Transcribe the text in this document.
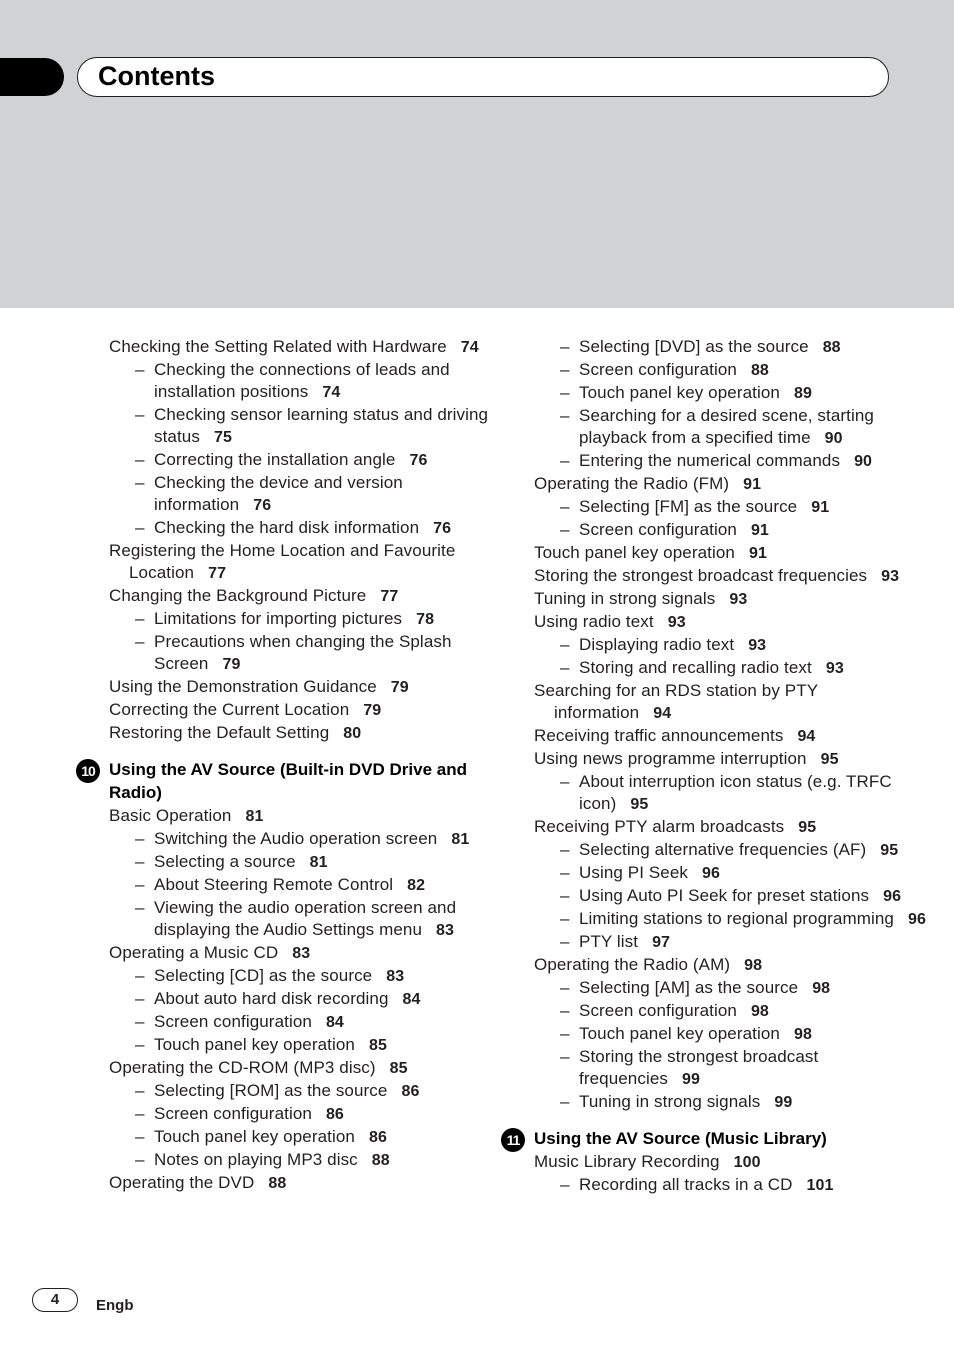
Contents
Checking the Setting Related with Hardware 74
– Checking the connections of leads and installation positions 74
– Checking sensor learning status and driving status 75
– Correcting the installation angle 76
– Checking the device and version information 76
– Checking the hard disk information 76
Registering the Home Location and Favourite Location 77
Changing the Background Picture 77
– Limitations for importing pictures 78
– Precautions when changing the Splash Screen 79
Using the Demonstration Guidance 79
Correcting the Current Location 79
Restoring the Default Setting 80
10 Using the AV Source (Built-in DVD Drive and Radio)
Basic Operation 81
– Switching the Audio operation screen 81
– Selecting a source 81
– About Steering Remote Control 82
– Viewing the audio operation screen and displaying the Audio Settings menu 83
Operating a Music CD 83
– Selecting [CD] as the source 83
– About auto hard disk recording 84
– Screen configuration 84
– Touch panel key operation 85
Operating the CD-ROM (MP3 disc) 85
– Selecting [ROM] as the source 86
– Screen configuration 86
– Touch panel key operation 86
– Notes on playing MP3 disc 88
Operating the DVD 88
– Selecting [DVD] as the source 88
– Screen configuration 88
– Touch panel key operation 89
– Searching for a desired scene, starting playback from a specified time 90
– Entering the numerical commands 90
Operating the Radio (FM) 91
– Selecting [FM] as the source 91
– Screen configuration 91
Touch panel key operation 91
Storing the strongest broadcast frequencies 93
Tuning in strong signals 93
Using radio text 93
– Displaying radio text 93
– Storing and recalling radio text 93
Searching for an RDS station by PTY information 94
Receiving traffic announcements 94
Using news programme interruption 95
– About interruption icon status (e.g. TRFC icon) 95
Receiving PTY alarm broadcasts 95
– Selecting alternative frequencies (AF) 95
– Using PI Seek 96
– Using Auto PI Seek for preset stations 96
– Limiting stations to regional programming 96
– PTY list 97
Operating the Radio (AM) 98
– Selecting [AM] as the source 98
– Screen configuration 98
– Touch panel key operation 98
– Storing the strongest broadcast frequencies 99
– Tuning in strong signals 99
11 Using the AV Source (Music Library)
Music Library Recording 100
– Recording all tracks in a CD 101
4	Engb
